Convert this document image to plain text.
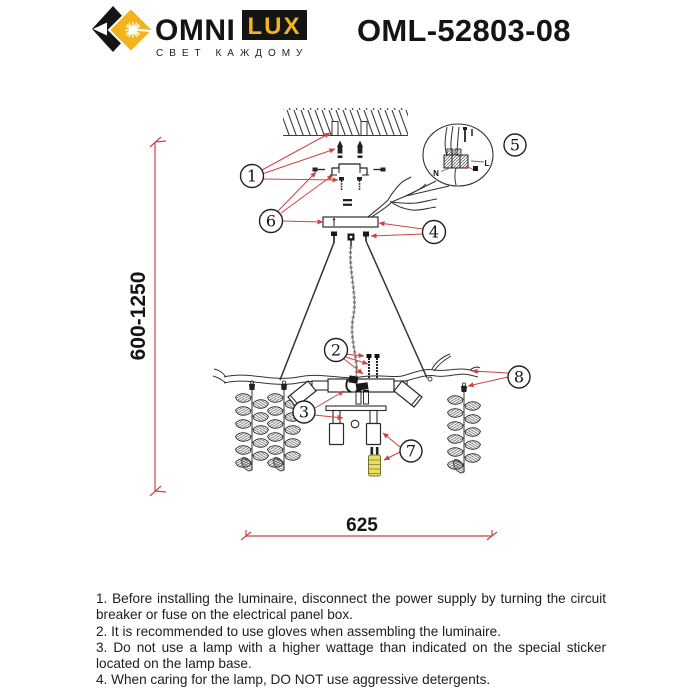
OMNI LUX
СВЕТ КАЖДОМУ
OML-52803-08
N
L
1
6
4
5
2
3
7
8
600-1250
625

1. Before installing the luminaire, disconnect the power supply by turning the circuit breaker or fuse on the electrical panel box.

2. It is recommended to use gloves when assembling the luminaire.

3. Do not use a lamp with a higher wattage than indicated on the special sticker located on the lamp base.

4. When caring for the lamp, DO NOT use aggressive detergents.
